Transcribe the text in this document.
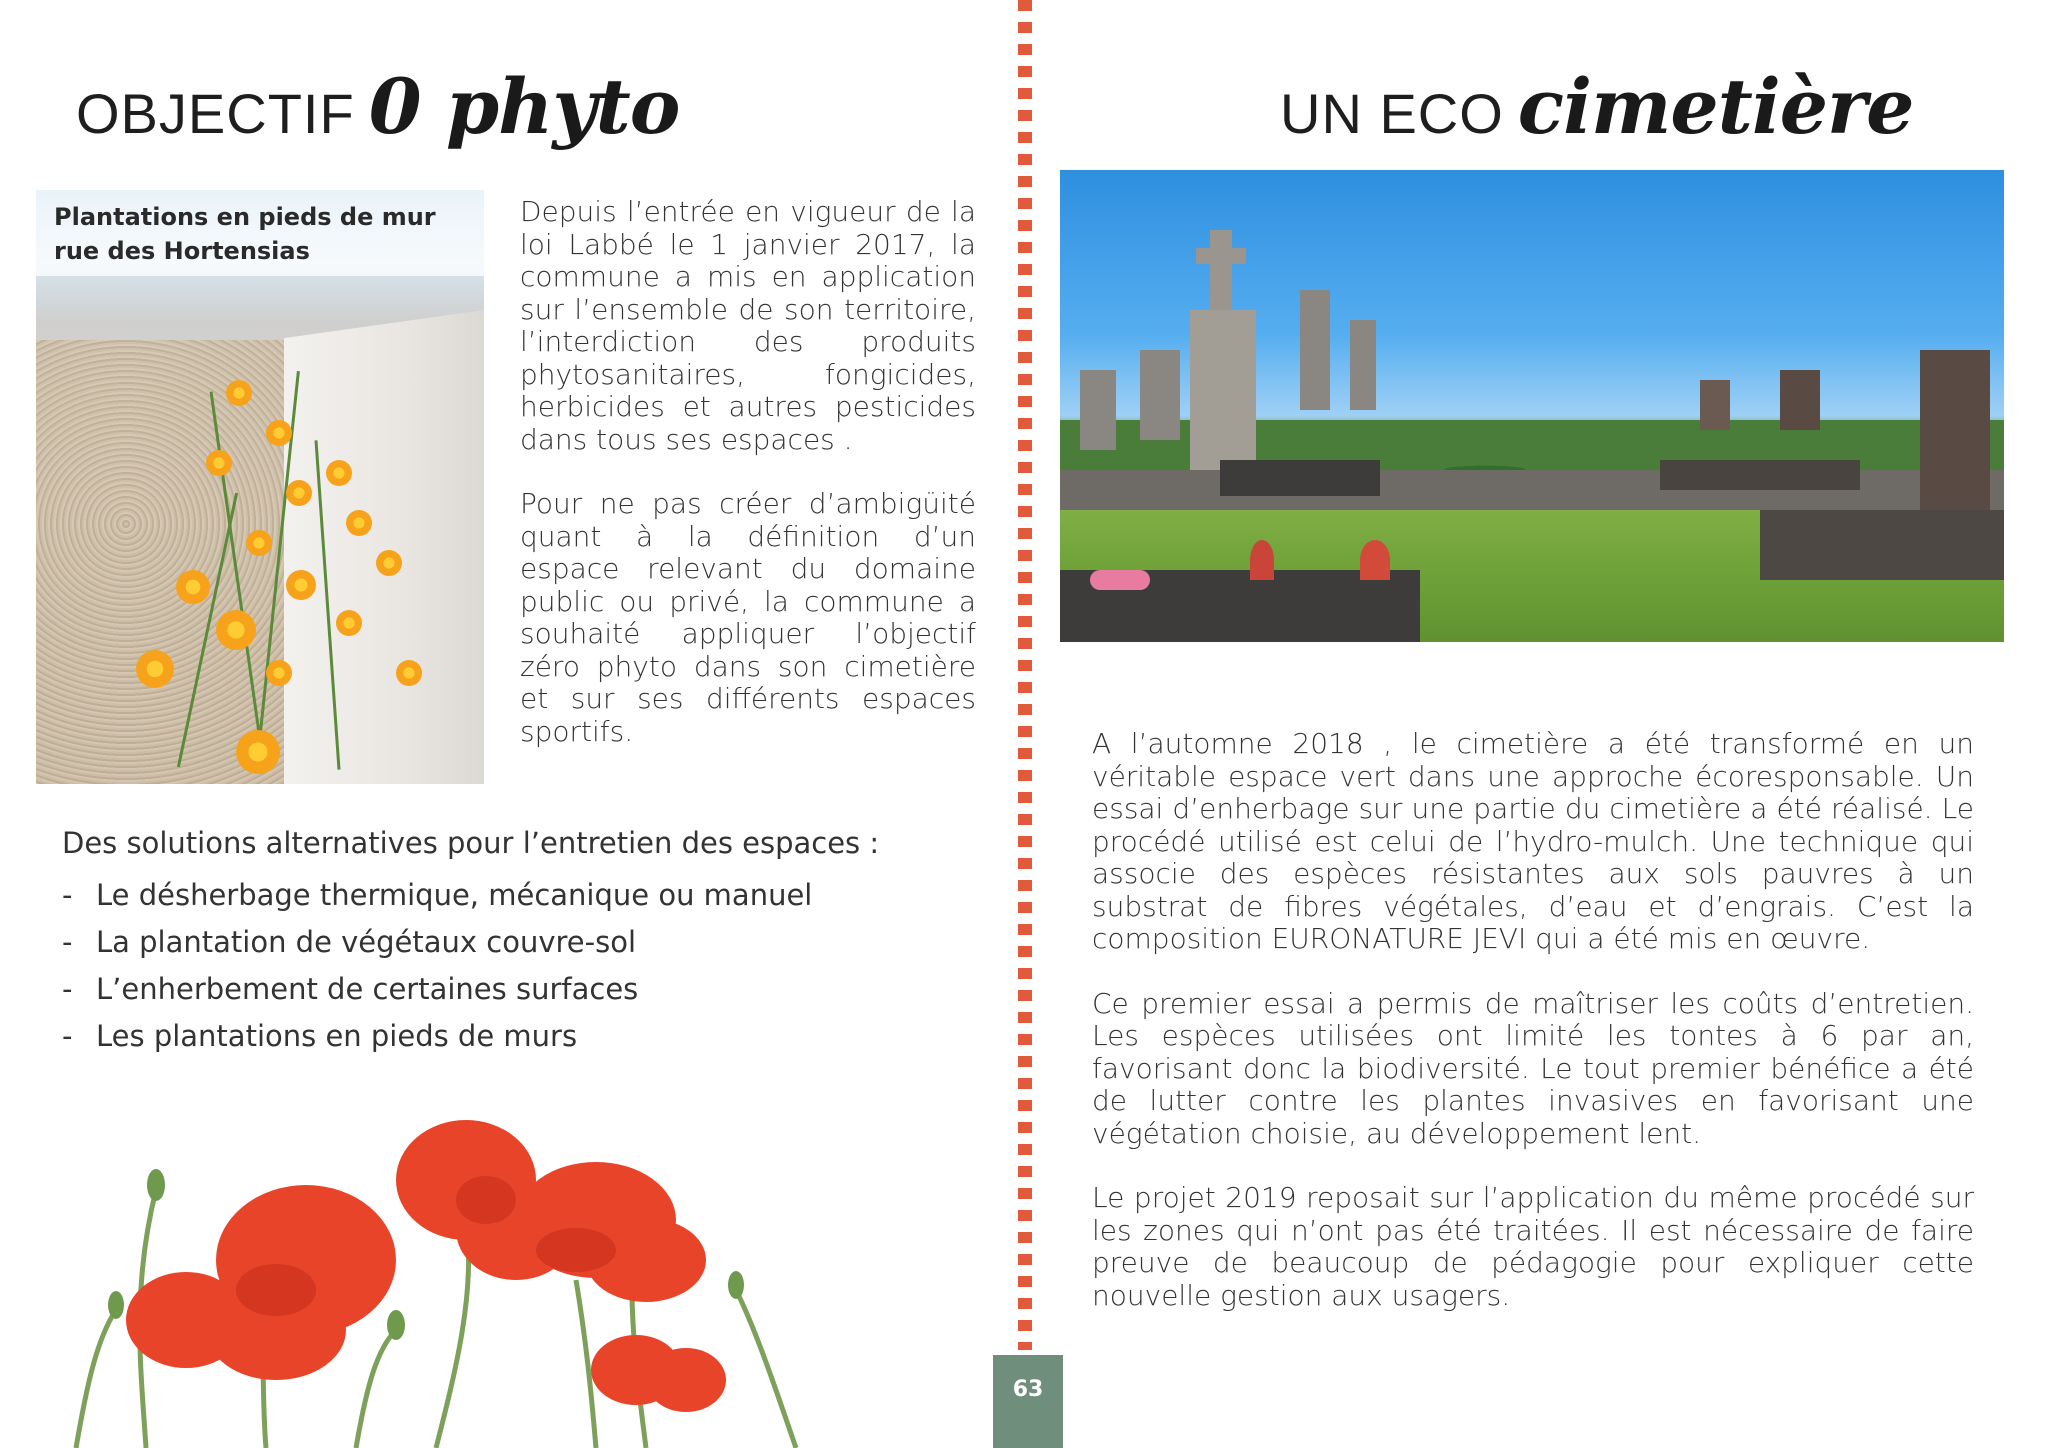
OBJECTIF 0 phyto
Plantations en pieds de mur
rue des Hortensias

Depuis l’entrée en vigueur de la loi Labbé le 1 janvier 2017, la commune a mis en application sur l’ensemble de son territoire, l’interdiction des produits phytosanitaires, fongicides, herbicides et autres pesticides dans tous ses espaces .

Pour ne pas créer d’ambigüité quant à la définition d’un espace relevant du domaine public ou privé, la commune a souhaité appliquer l’objectif zéro phyto dans son cimetière et sur ses différents espaces sportifs.

Des solutions alternatives pour l’entretien des espaces :
- Le désherbage thermique, mécanique ou manuel
- La plantation de végétaux couvre-sol
- L’enherbement de certaines surfaces
- Les plantations en pieds de murs
63
UN ECO cimetière

A l’automne 2018 , le cimetière a été transformé en un véritable espace vert dans une approche écoresponsable. Un essai d’enherbage sur une partie du cimetière a été réalisé. Le procédé utilisé est celui de l’hydro-mulch. Une technique qui associe des espèces résistantes aux sols pauvres à un substrat de fibres végétales, d’eau et d’engrais. C’est la composition EURONATURE JEVI qui a été mis en œuvre.

Ce premier essai a permis de maîtriser les coûts d’entretien. Les espèces utilisées ont limité les tontes à 6 par an, favorisant donc la biodiversité. Le tout premier bénéfice a été de lutter contre les plantes invasives en favorisant une végétation choisie, au développement lent.

Le projet 2019 reposait sur l’application du même procédé sur les zones qui n’ont pas été traitées. Il est nécessaire de faire preuve de beaucoup de pédagogie pour expliquer cette nouvelle gestion aux usagers.
